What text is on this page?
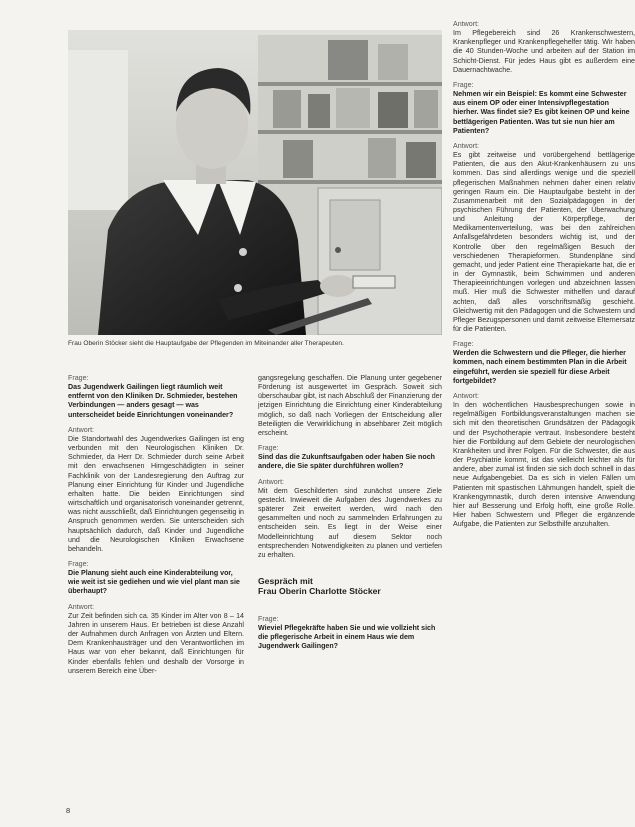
Frau Oberin Stöcker sieht die Hauptaufgabe der Pflegenden im Miteinander aller Therapeuten.

Frage:

Das Jugendwerk Gailingen liegt räumlich weit entfernt von den Kliniken Dr. Schmieder, bestehen Verbindungen — anders gesagt — was unterscheidet beide Einrichtungen voneinander?

Antwort:

Die Standortwahl des Jugendwerkes Gailingen ist eng verbunden mit den Neurologischen Kliniken Dr. Schmieder, da Herr Dr. Schmieder durch seine Arbeit mit den erwachsenen Hirngeschädigten in seiner Fachklinik von der Landesregierung den Auftrag zur Planung einer Einrichtung für Kinder und Jugendliche erhalten hatte. Die beiden Einrichtungen sind wirtschaftlich und organisatorisch voneinander getrennt, was nicht ausschließt, daß Einrichtungen gegenseitig in Anspruch genommen werden. Sie unterscheiden sich hauptsächlich dadurch, daß Kinder und Jugendliche und die Neurologischen Kliniken Erwachsene behandeln.

Frage:

Die Planung sieht auch eine Kinderabteilung vor, wie weit ist sie gediehen und wie viel plant man sie überhaupt?

Antwort:

Zur Zeit befinden sich ca. 35 Kinder im Alter von 8 – 14 Jahren in unserem Haus. Er betrieben ist diese Anzahl der Aufnahmen durch Anfragen von Ärzten und Eltern. Dem Krankenhausträger und den Verantwortlichen im Haus war von eher bekannt, daß Einrichtungen für Kinder ebenfalls fehlen und deshalb der Vorsorge in unserem Bereich eine Über-

gangsregelung geschaffen. Die Planung unter gegebener Förderung ist ausgewertet im Gespräch. Soweit sich überschaubar gibt, ist nach Abschluß der Finanzierung der jetzigen Einrichtung die Einrichtung einer Kinderabteilung möglich, so daß nach Vorliegen der Entscheidung aller Beteiligten die Verwirklichung in absehbarer Zeit möglich erscheint.

Frage:

Sind das die Zukunftsaufgaben oder haben Sie noch andere, die Sie später durchführen wollen?

Antwort:

Mit dem Geschilderten sind zunächst unsere Ziele gesteckt. Inwieweit die Aufgaben des Jugendwerkes zu späterer Zeit erweitert werden, wird nach den gesammelten und noch zu sammelnden Erfahrungen zu entscheiden sein. Es liegt in der Weise einer Modelleinrichtung auf diesem Sektor noch entsprechenden Notwendigkeiten zu planen und vertiefen zu erhalten.

Gespräch mit

Frau Oberin Charlotte Stöcker

Frage:

Wieviel Pflegekräfte haben Sie und wie vollzieht sich die pflegerische Arbeit in einem Haus wie dem Jugendwerk Gailingen?

Antwort:

Im Pflegebereich sind 26 Krankenschwestern, Krankenpfleger und Krankenpflegehelfer tätig. Wir haben die 40 Stunden-Woche und arbeiten auf der Station im Schicht-Dienst. Für jedes Haus gibt es außerdem eine Dauernachtwache.

Frage:

Nehmen wir ein Beispiel: Es kommt eine Schwester aus einem OP oder einer Intensivpflegestation hierher. Was findet sie? Es gibt keinen OP und keine bettlägerigen Patienten. Was tut sie nun hier am Patienten?

Antwort:

Es gibt zeitweise und vorübergehend bettlägerige Patienten, die aus den Akut-Krankenhäusern zu uns kommen. Das sind allerdings wenige und die speziell pflegerischen Maßnahmen nehmen daher einen relativ geringen Raum ein. Die Hauptaufgabe besteht in der Zusammenarbeit mit den Sozialpädagogen in der psychischen Führung der Patienten, der Überwachung und Anleitung der Körperpflege, der Medikamentenverteilung, was bei den zahlreichen Anfallsgefährdeten besonders wichtig ist, und der Kontrolle über den regelmäßigen Besuch der verschiedenen Therapieformen. Stundenpläne sind gemacht, und jeder Patient eine Therapiekarte hat, die er in der Gymnastik, beim Schwimmen und anderen Therapieeinrichtungen vorlegen und abzeichnen lassen muß. Hier muß die Schwester mithelfen und darauf achten, daß alles vorschriftsmäßig geschieht. Gleichwertig mit den Pädagogen und die Schwestern und Pfleger Bezugspersonen und damit zeitweise Elternersatz für die Patienten.

Frage:

Werden die Schwestern und die Pfleger, die hierher kommen, nach einem bestimmten Plan in die Arbeit eingeführt, werden sie speziell für diese Arbeit fortgebildet?

Antwort:

In den wöchentlichen Hausbesprechungen sowie in regelmäßigen Fortbildungsveranstaltungen machen sie sich mit den theoretischen Grundsätzen der Pädagogik und der Psychotherapie vertraut. Insbesondere besteht hier die Fortbildung auf dem Gebiete der neurologischen Krankheiten und ihrer Folgen. Für die Schwester, die aus der Psychiatrie kommt, ist das vielleicht leichter als für andere, aber zumal ist finden sie sich doch schnell in das neue Aufgabengebiet. Da es sich in vielen Fällen um Patienten mit spastischen Lähmungen handelt, spielt die Krankengymnastik, durch deren intensive Anwendung hier auf Besserung und Erfolg hofft, eine große Rolle. Hier haben Schwestern und Pfleger die ergänzende Aufgabe, die Patienten zur Selbsthilfe anzuhalten.

8
